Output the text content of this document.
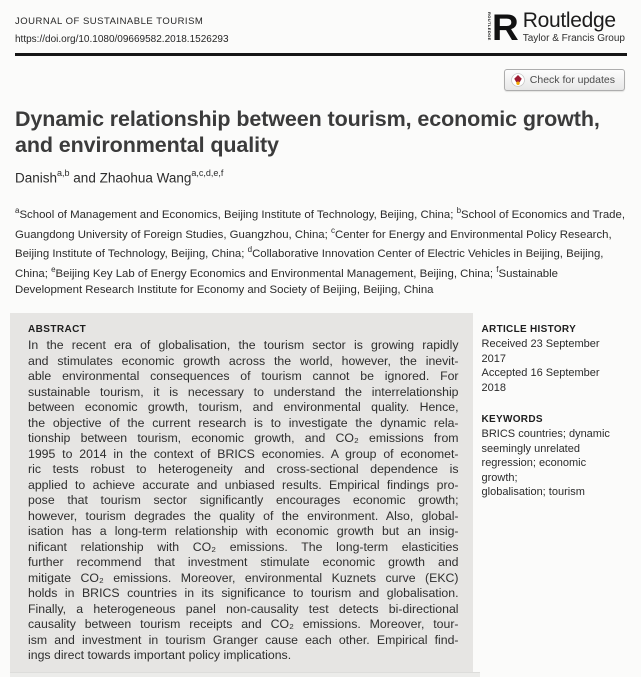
JOURNAL OF SUSTAINABLE TOURISM
https://doi.org/10.1080/09669582.2018.1526293	ROUTLEDGE R Routledge
Taylor & Francis Group
Check for updates
Dynamic relationship between tourism, economic growth, and environmental quality
Danish$^{a,b}$ and Zhaohua Wang$^{a,c,d,e,f}$

$^a$School of Management and Economics, Beijing Institute of Technology, Beijing, China; $^b$School of Economics and Trade, Guangdong University of Foreign Studies, Guangzhou, China; $^c$Center for Energy and Environmental Policy Research, Beijing Institute of Technology, Beijing, China; $^d$Collaborative Innovation Center of Electric Vehicles in Beijing, Beijing, China; $^e$Beijing Key Lab of Energy Economics and Environmental Management, Beijing, China; $^f$Sustainable Development Research Institute for Economy and Society of Beijing, Beijing, China

ABSTRACT
In the recent era of globalisation, the tourism sector is growing rapidly
and stimulates economic growth across the world, however, the inevit-
able environmental consequences of tourism cannot be ignored. For
sustainable tourism, it is necessary to understand the interrelationship
between economic growth, tourism, and environmental quality. Hence,
the objective of the current research is to investigate the dynamic rela-
tionship between tourism, economic growth, and CO₂ emissions from
1995 to 2014 in the context of BRICS economies. A group of economet-
ric tests robust to heterogeneity and cross-sectional dependence is
applied to achieve accurate and unbiased results. Empirical findings pro-
pose that tourism sector significantly encourages economic growth;
however, tourism degrades the quality of the environment. Also, global-
isation has a long-term relationship with economic growth but an insig-
nificant relationship with CO₂ emissions. The long-term elasticities
further recommend that investment stimulate economic growth and
mitigate CO₂ emissions. Moreover, environmental Kuznets curve (EKC)
holds in BRICS countries in its significance to tourism and globalisation.
Finally, a heterogeneous panel non-causality test detects bi-directional
causality between tourism receipts and CO₂ emissions. Moreover, tour-
ism and investment in tourism Granger cause each other. Empirical find-
ings direct towards important policy implications.
ARTICLE HISTORY
Received 23 September 2017
Accepted 16 September 2018
KEYWORDS
BRICS countries; dynamic
seemingly unrelated
regression; economic
growth;
globalisation; tourism
